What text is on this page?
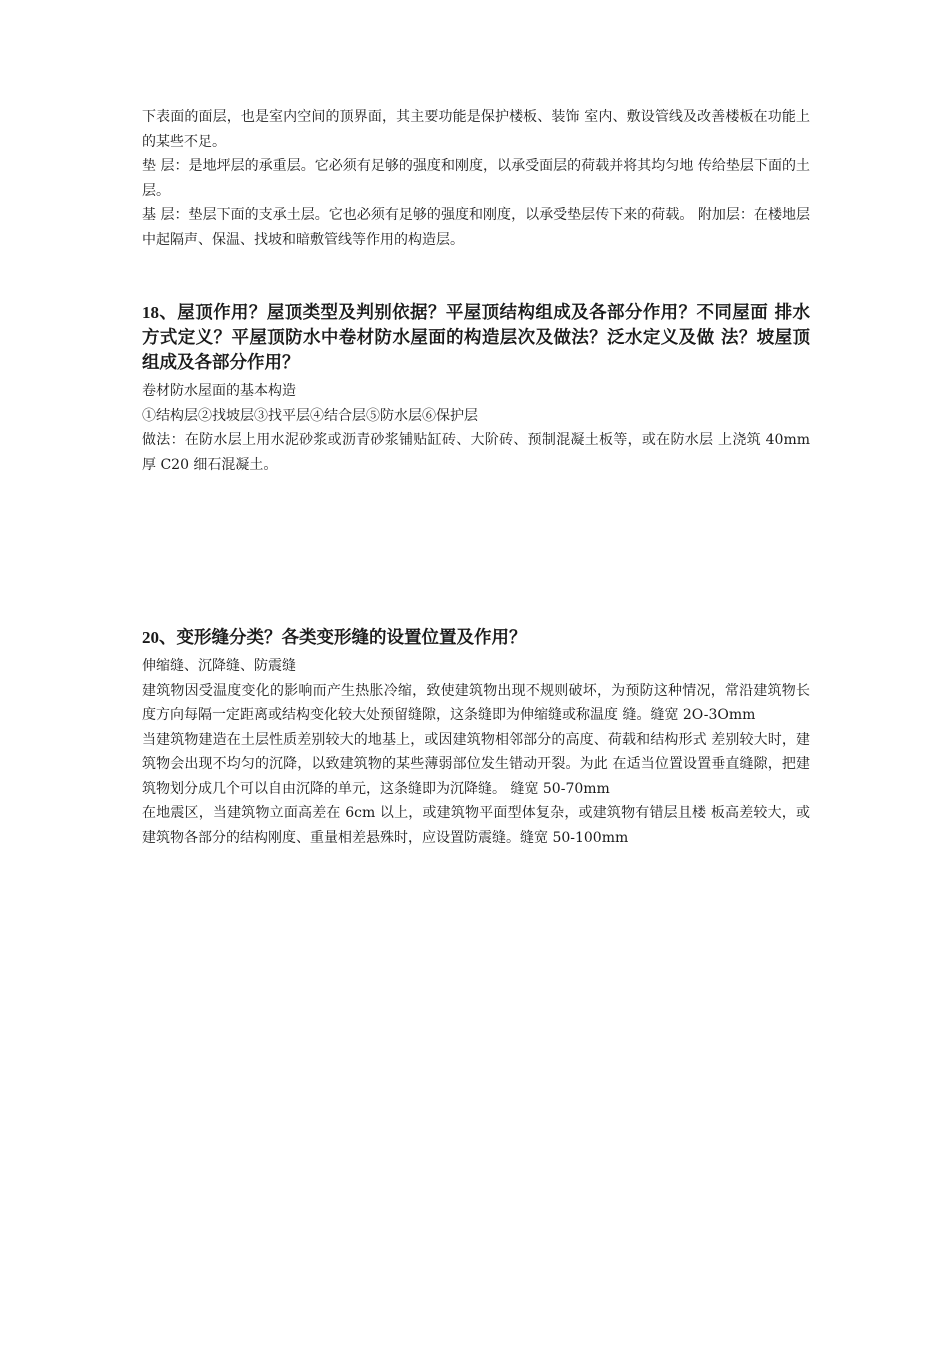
下表面的面层，也是室内空间的顶界面，其主要功能是保护楼板、装饰 室内、敷设管线及改善楼板在功能上的某些不足。

垫 层：是地坪层的承重层。它必须有足够的强度和刚度，以承受面层的荷载并将其均匀地 传给垫层下面的土层。

基 层：垫层下面的支承土层。它也必须有足够的强度和刚度，以承受垫层传下来的荷载。 附加层：在楼地层中起隔声、保温、找坡和暗敷管线等作用的构造层。

18、屋顶作用？屋顶类型及判别依据？平屋顶结构组成及各部分作用？不同屋面 排水方式定义？平屋顶防水中卷材防水屋面的构造层次及做法？泛水定义及做 法？坡屋顶组成及各部分作用？

卷材防水屋面的基本构造

①结构层②找坡层③找平层④结合层⑤防水层⑥保护层

做法：在防水层上用水泥砂浆或沥青砂浆铺贴缸砖、大阶砖、预制混凝土板等，或在防水层 上浇筑 40mm 厚 C20 细石混凝土。

20、变形缝分类？各类变形缝的设置位置及作用？

伸缩缝、沉降缝、防震缝

建筑物因受温度变化的影响而产生热胀冷缩，致使建筑物出现不规则破坏，为预防这种情况，常沿建筑物长度方向每隔一定距离或结构变化较大处预留缝隙，这条缝即为伸缩缝或称温度 缝。缝宽 2O-3Omm

当建筑物建造在土层性质差别较大的地基上，或因建筑物相邻部分的高度、荷载和结构形式 差别较大时，建筑物会出现不均匀的沉降，以致建筑物的某些薄弱部位发生错动开裂。为此 在适当位置设置垂直缝隙，把建筑物划分成几个可以自由沉降的单元，这条缝即为沉降缝。 缝宽 50-70mm

在地震区，当建筑物立面高差在 6cm 以上，或建筑物平面型体复杂，或建筑物有错层且楼 板高差较大，或建筑物各部分的结构刚度、重量相差悬殊时，应设置防震缝。缝宽 50-100mm
